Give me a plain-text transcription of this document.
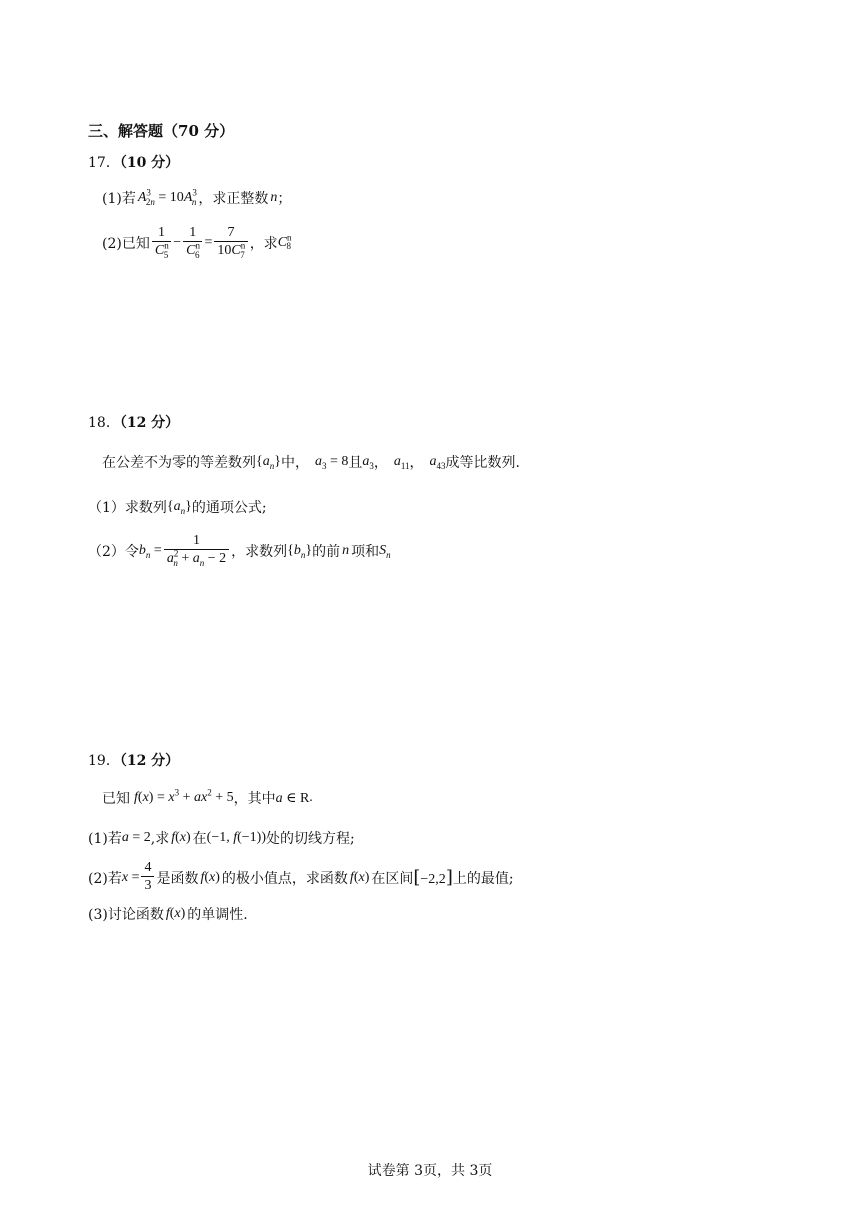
三、解答题（70 分）
17．（10 分）
(1)若 $A^3_{2n} = 10A^3_n$ ，求正整数 n ；
(2)已知 $\frac{1}{C^n_5} - \frac{1}{C^n_6} = \frac{7}{10C^n_7}$ ，求 $C^n_8$
18．（12 分）
在公差不为零的等差数列 $\{a_n\}$ 中， $a_3 = 8$ 且 $a_3$ ， $a_{11}$ ， $a_{43}$ 成等比数列.
（1）求数列 $\{a_n\}$ 的通项公式;
（2）令 $b_n = \frac{1}{a^2_n + a_n - 2}$ ，求数列 $\{b_n\}$ 的前 n 项和 $S_n$
19．（12 分）
已知 $f(x) = x^3 + ax^2 + 5$ ，其中 a ∈ R .
(1)若 a = 2 ,求 f(x) 在 (−1, f(−1)) 处的切线方程;
(2)若 $x = \frac{4}{3}$ 是函数 f(x) 的极小值点，求函数 f(x) 在区间 [−2,2] 上的最值;
(3)讨论函数 f(x) 的单调性.
试卷第 3页，共 3页
